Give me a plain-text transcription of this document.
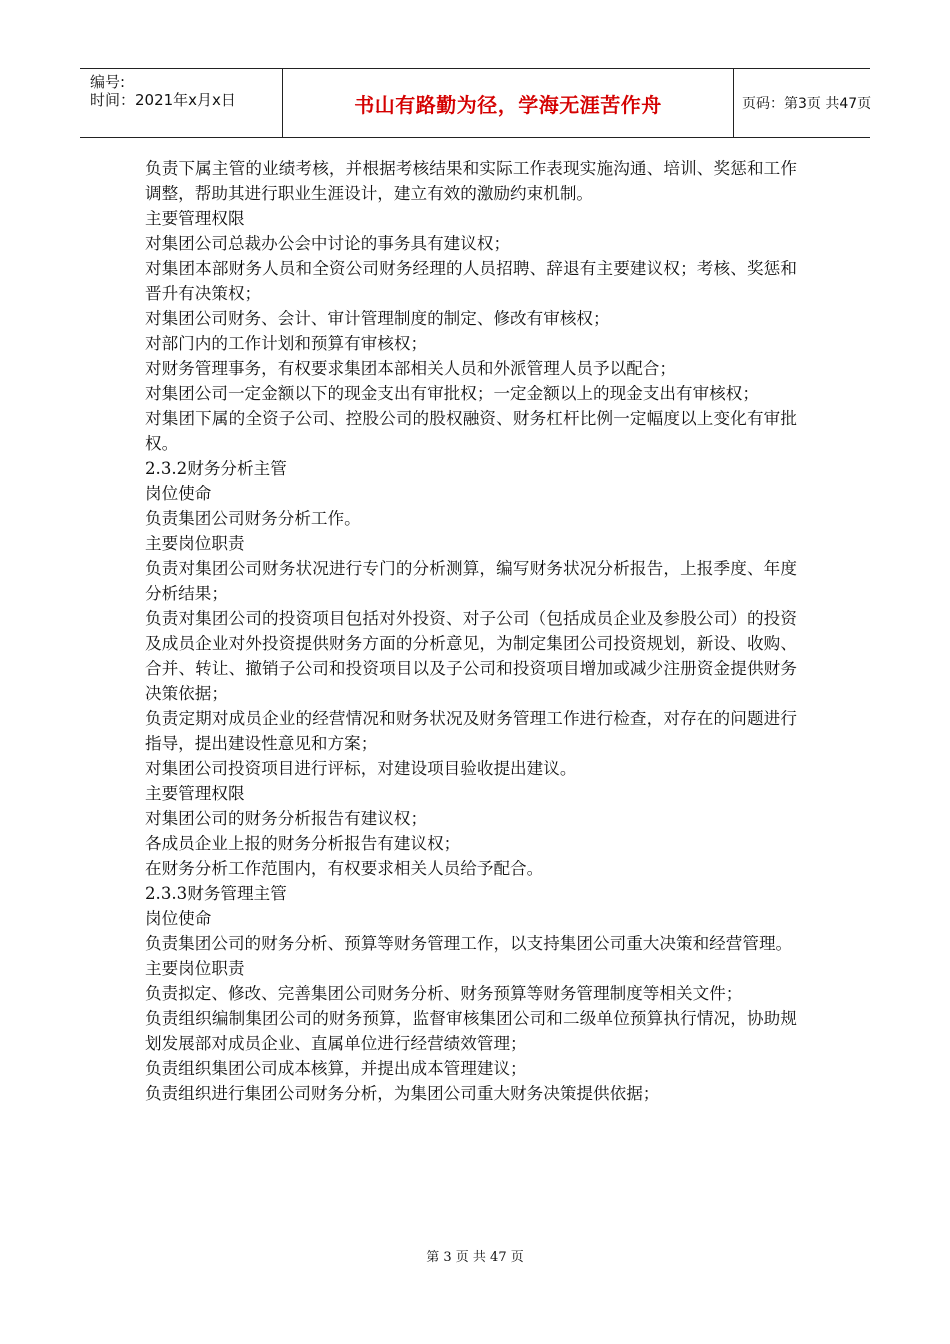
编号:
时间：2021年x月x日	书山有路勤为径，学海无涯苦作舟	页码：第3页 共47页

负责下属主管的业绩考核，并根据考核结果和实际工作表现实施沟通、培训、奖惩和工作调整，帮助其进行职业生涯设计，建立有效的激励约束机制。

主要管理权限

对集团公司总裁办公会中讨论的事务具有建议权；

对集团本部财务人员和全资公司财务经理的人员招聘、辞退有主要建议权；考核、奖惩和晋升有决策权；

对集团公司财务、会计、审计管理制度的制定、修改有审核权；

对部门内的工作计划和预算有审核权；

对财务管理事务，有权要求集团本部相关人员和外派管理人员予以配合；

对集团公司一定金额以下的现金支出有审批权；一定金额以上的现金支出有审核权；

对集团下属的全资子公司、控股公司的股权融资、财务杠杆比例一定幅度以上变化有审批权。

2.3.2财务分析主管

岗位使命

负责集团公司财务分析工作。

主要岗位职责

负责对集团公司财务状况进行专门的分析测算，编写财务状况分析报告，上报季度、年度分析结果；

负责对集团公司的投资项目包括对外投资、对子公司（包括成员企业及参股公司）的投资及成员企业对外投资提供财务方面的分析意见，为制定集团公司投资规划，新设、收购、合并、转让、撤销子公司和投资项目以及子公司和投资项目增加或减少注册资金提供财务决策依据；

负责定期对成员企业的经营情况和财务状况及财务管理工作进行检查，对存在的问题进行指导，提出建设性意见和方案；

对集团公司投资项目进行评标，对建设项目验收提出建议。

主要管理权限

对集团公司的财务分析报告有建议权；

各成员企业上报的财务分析报告有建议权；

在财务分析工作范围内，有权要求相关人员给予配合。

2.3.3财务管理主管

岗位使命

负责集团公司的财务分析、预算等财务管理工作，以支持集团公司重大决策和经营管理。

主要岗位职责

负责拟定、修改、完善集团公司财务分析、财务预算等财务管理制度等相关文件；

负责组织编制集团公司的财务预算，监督审核集团公司和二级单位预算执行情况，协助规划发展部对成员企业、直属单位进行经营绩效管理；

负责组织集团公司成本核算，并提出成本管理建议；

负责组织进行集团公司财务分析，为集团公司重大财务决策提供依据；

第 3 页 共 47 页
